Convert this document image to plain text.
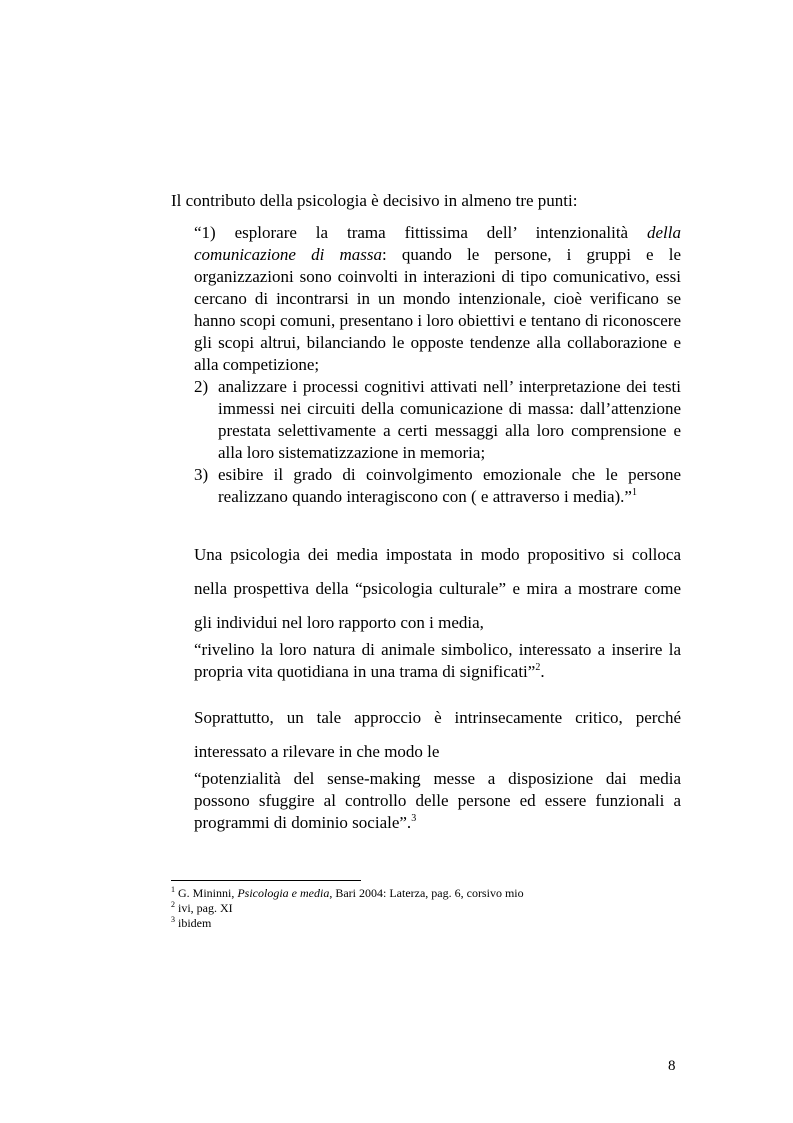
Il contributo della psicologia è decisivo in almeno tre punti:

“1) esplorare la trama fittissima dell’ intenzionalità della comunicazione di massa: quando le persone, i gruppi e le organizzazioni sono coinvolti in interazioni di tipo comunicativo, essi cercano di incontrarsi in un mondo intenzionale, cioè verificano se hanno scopi comuni, presentano i loro obiettivi e tentano di riconoscere gli scopi altrui, bilanciando le opposte tendenze alla collaborazione e alla competizione;

2) analizzare i processi cognitivi attivati nell’ interpretazione dei testi immessi nei circuiti della comunicazione di massa: dall’attenzione prestata selettivamente a certi messaggi alla loro comprensione e alla loro sistematizzazione in memoria;

3) esibire il grado di coinvolgimento emozionale che le persone realizzano quando interagiscono con ( e attraverso i media).”$^1$

Una psicologia dei media impostata in modo propositivo si colloca nella prospettiva della “psicologia culturale” e mira a mostrare come gli individui nel loro rapporto con i media,

“rivelino la loro natura di animale simbolico, interessato a inserire la propria vita quotidiana in una trama di significati”$^2$.

Soprattutto, un tale approccio è intrinsecamente critico, perché interessato a rilevare in che modo le

“potenzialità del sense-making messe a disposizione dai media possono sfuggire al controllo delle persone ed essere funzionali a programmi di dominio sociale”.$^3$

$^1$ G. Mininni, Psicologia e media, Bari 2004: Laterza, pag. 6, corsivo mio
$^2$ ivi, pag. XI
$^3$ ibidem
8
